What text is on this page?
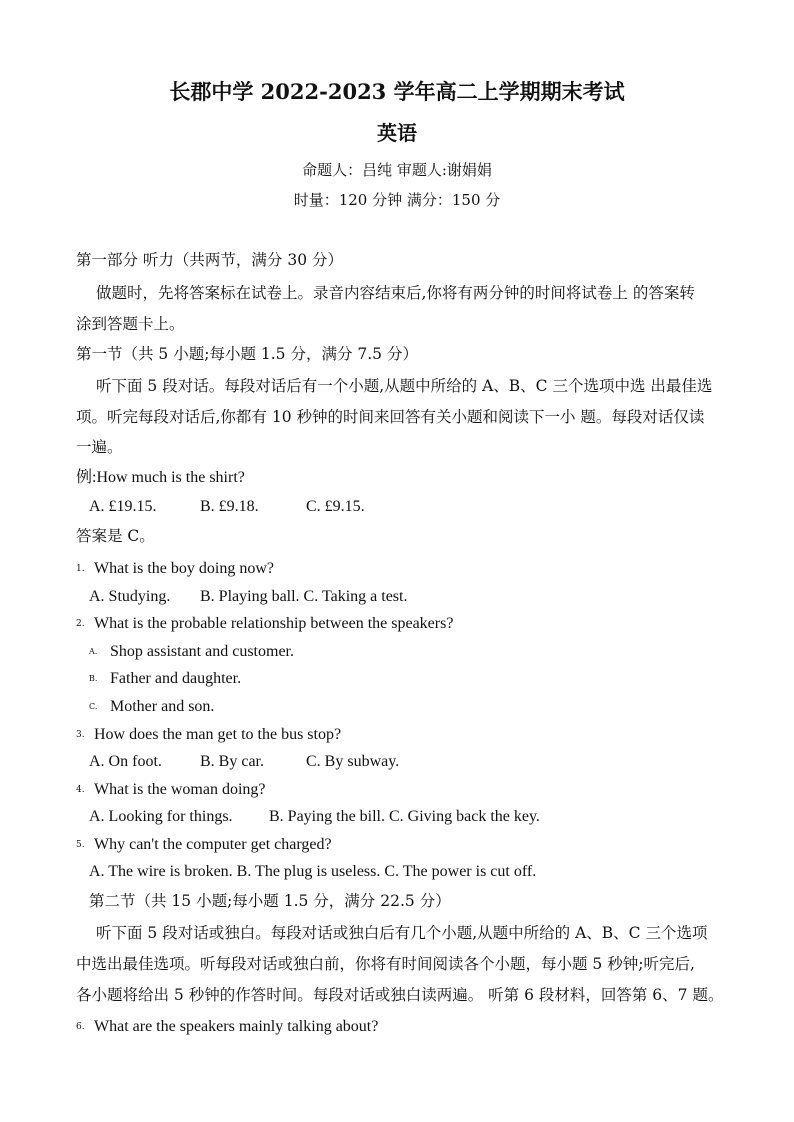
长郡中学 2022-2023 学年高二上学期期末考试
英语
命题人：吕纯 审题人:谢娟娟
时量：120 分钟 满分：150 分
第一部分 听力（共两节，满分 30 分）
做题时，先将答案标在试卷上。录音内容结束后,你将有两分钟的时间将试卷上 的答案转
涂到答题卡上。
第一节（共 5 小题;每小题 1.5 分，满分 7.5 分）
听下面 5 段对话。每段对话后有一个小题,从题中所给的 A、B、C 三个选项中选 出最佳选
项。听完每段对话后,你都有 10 秒钟的时间来回答有关小题和阅读下一小 题。每段对话仅读
一遍。
例:How much is the shirt?
A. £19.15.	B. £9.18.	C. £9.15.
答案是 C。
1. What is the boy doing now?
A. Studying. B. Playing ball. C. Taking a test.
2. What is the probable relationship between the speakers?
A. Shop assistant and customer.
B. Father and daughter.
C. Mother and son.
3. How does the man get to the bus stop?
A. On foot. B. By car.	C. By subway.
4. What is the woman doing?
A. Looking for things. B. Paying the bill. C. Giving back the key.
5. Why can't the computer get charged?
A. The wire is broken. B. The plug is useless. C. The power is cut off.
第二节（共 15 小题;每小题 1.5 分，满分 22.5 分）
听下面 5 段对话或独白。每段对话或独白后有几个小题,从题中所给的 A、B、C 三个选项
中选出最佳选项。听每段对话或独白前，你将有时间阅读各个小题，每小题 5 秒钟;听完后,
各小题将给出 5 秒钟的作答时间。每段对话或独白读两遍。 听第 6 段材料，回答第 6、7 题。
6. What are the speakers mainly talking about?
